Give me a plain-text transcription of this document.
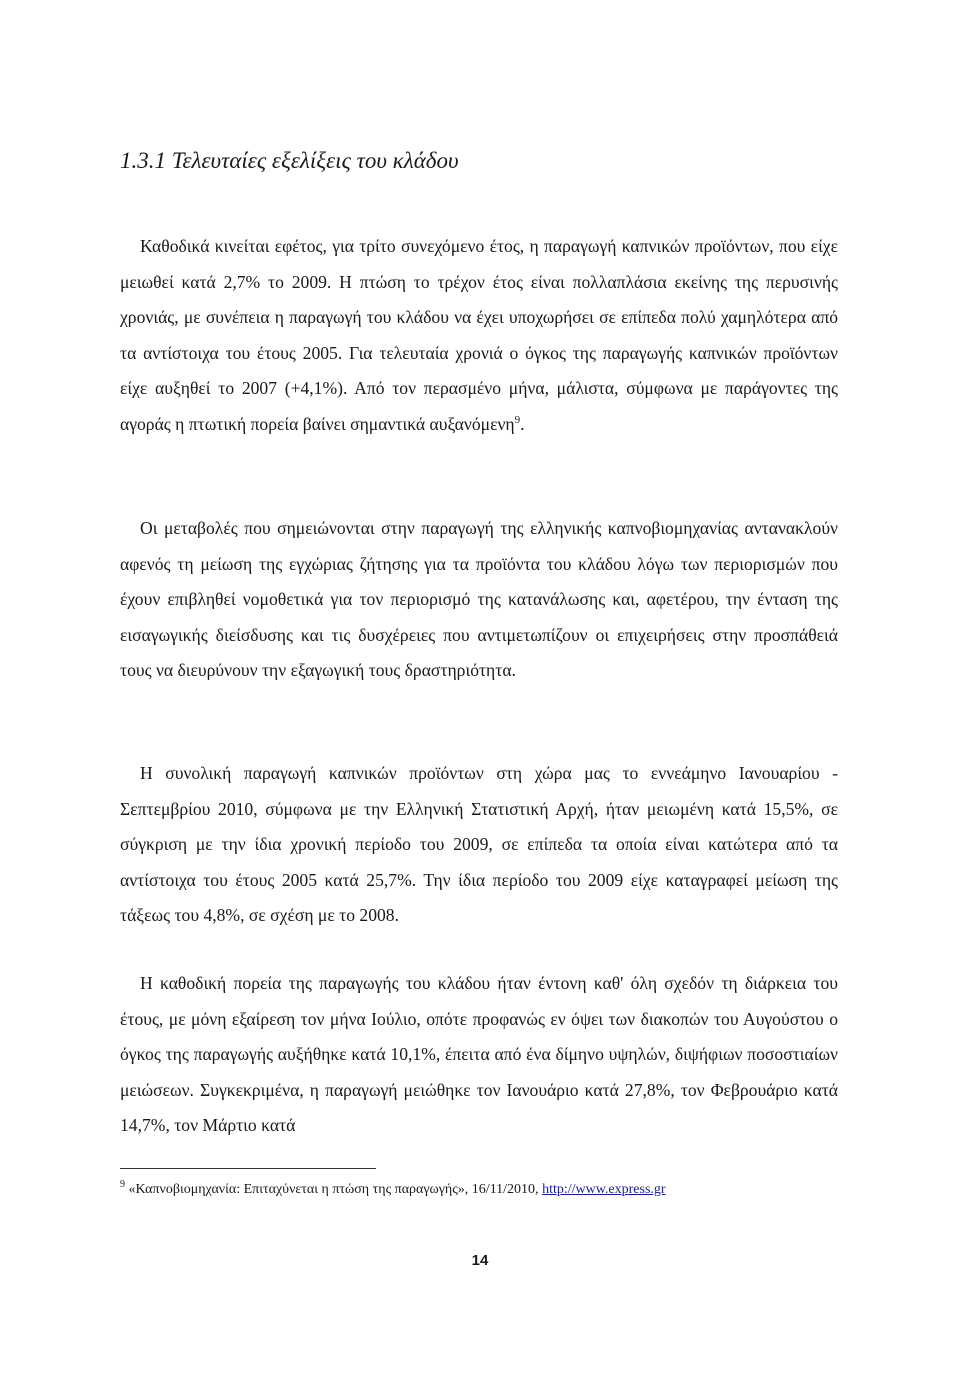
1.3.1 Τελευταίες εξελίξεις του κλάδου

Καθοδικά κινείται εφέτος, για τρίτο συνεχόμενο έτος, η παραγωγή καπνικών προϊόντων, που είχε μειωθεί κατά 2,7% το 2009. Η πτώση το τρέχον έτος είναι πολλαπλάσια εκείνης της περυσινής χρονιάς, με συνέπεια η παραγωγή του κλάδου να έχει υποχωρήσει σε επίπεδα πολύ χαμηλότερα από τα αντίστοιχα του έτους 2005. Για τελευταία χρονιά ο όγκος της παραγωγής καπνικών προϊόντων είχε αυξηθεί το 2007 (+4,1%). Από τον περασμένο μήνα, μάλιστα, σύμφωνα με παράγοντες της αγοράς η πτωτική πορεία βαίνει σημαντικά αυξανόμενη$^9$.

Οι μεταβολές που σημειώνονται στην παραγωγή της ελληνικής καπνοβιομηχανίας αντανακλούν αφενός τη μείωση της εγχώριας ζήτησης για τα προϊόντα του κλάδου λόγω των περιορισμών που έχουν επιβληθεί νομοθετικά για τον περιορισμό της κατανάλωσης και, αφετέρου, την ένταση της εισαγωγικής διείσδυσης και τις δυσχέρειες που αντιμετωπίζουν οι επιχειρήσεις στην προσπάθειά τους να διευρύνουν την εξαγωγική τους δραστηριότητα.

Η συνολική παραγωγή καπνικών προϊόντων στη χώρα μας το εννεάμηνο Ιανουαρίου - Σεπτεμβρίου 2010, σύμφωνα με την Ελληνική Στατιστική Αρχή, ήταν μειωμένη κατά 15,5%, σε σύγκριση με την ίδια χρονική περίοδο του 2009, σε επίπεδα τα οποία είναι κατώτερα από τα αντίστοιχα του έτους 2005 κατά 25,7%. Την ίδια περίοδο του 2009 είχε καταγραφεί μείωση της τάξεως του 4,8%, σε σχέση με το 2008.

Η καθοδική πορεία της παραγωγής του κλάδου ήταν έντονη καθ' όλη σχεδόν τη διάρκεια του έτους, με μόνη εξαίρεση τον μήνα Ιούλιο, οπότε προφανώς εν όψει των διακοπών του Αυγούστου ο όγκος της παραγωγής αυξήθηκε κατά 10,1%, έπειτα από ένα δίμηνο υψηλών, διψήφιων ποσοστιαίων μειώσεων. Συγκεκριμένα, η παραγωγή μειώθηκε τον Ιανουάριο κατά 27,8%, τον Φεβρουάριο κατά 14,7%, τον Μάρτιο κατά

$^9$ «Καπνοβιομηχανία: Επιταχύνεται η πτώση της παραγωγής», 16/11/2010, http://www.express.gr

14
